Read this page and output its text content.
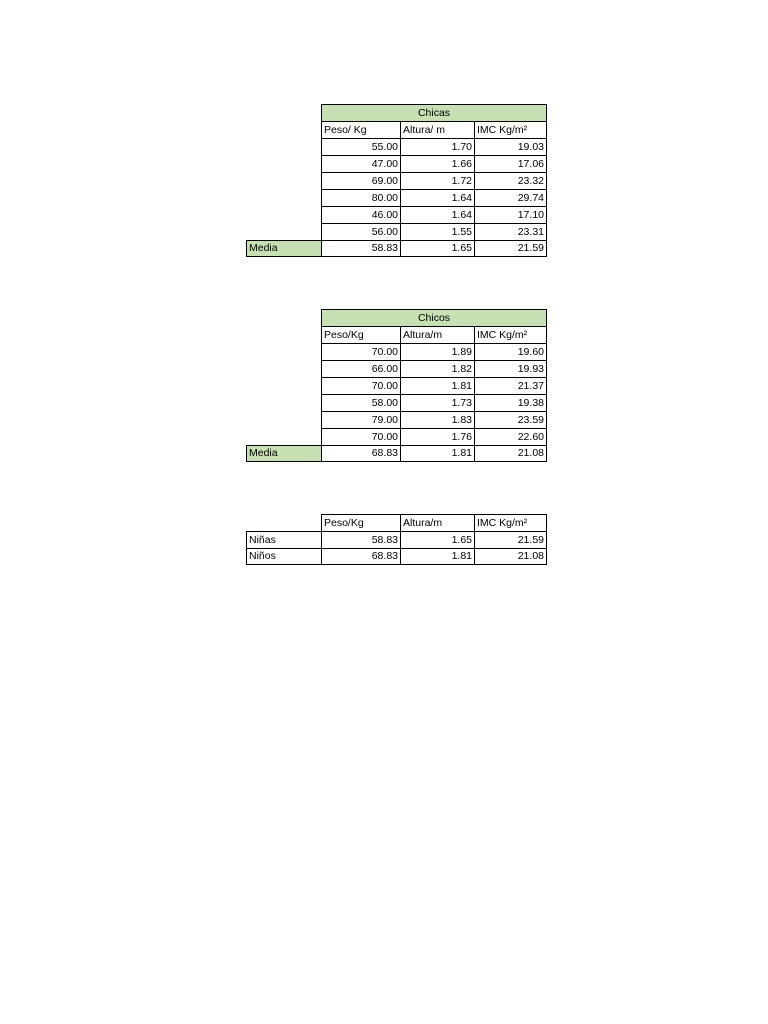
Chicas
Peso/ Kg	Altura/ m	IMC Kg/m²
55.00	1.70	19.03
47.00	1.66	17.06
69.00	1.72	23.32
80.00	1.64	29.74
46.00	1.64	17.10
56.00	1.55	23.31
Media	58.83	1.65	21.59
Chicos
Peso/Kg	Altura/m	IMC Kg/m²
70.00	1.89	19.60
66.00	1.82	19.93
70.00	1.81	21.37
58.00	1.73	19.38
79.00	1.83	23.59
70.00	1.76	22.60
Media	68.83	1.81	21.08
Peso/Kg	Altura/m	IMC Kg/m²
Niñas	58.83	1.65	21.59
Niños	68.83	1.81	21.08
